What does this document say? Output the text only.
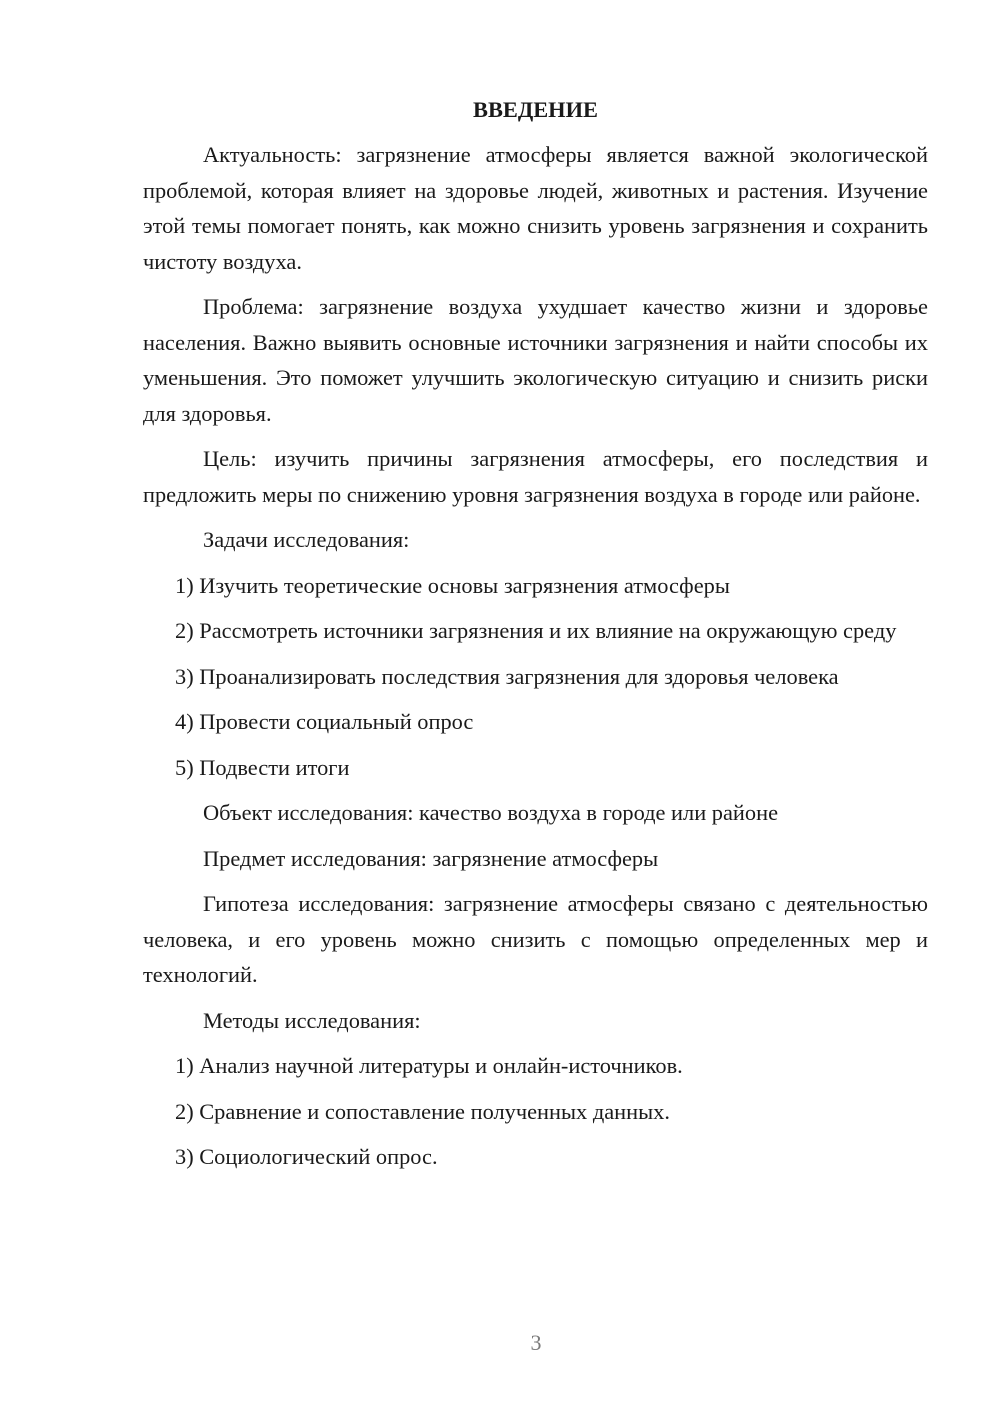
ВВЕДЕНИЕ

Актуальность: загрязнение атмосферы является важной экологической проблемой, которая влияет на здоровье людей, животных и растения. Изучение этой темы помогает понять, как можно снизить уровень загрязнения и сохранить чистоту воздуха.

Проблема: загрязнение воздуха ухудшает качество жизни и здоровье населения. Важно выявить основные источники загрязнения и найти способы их уменьшения. Это поможет улучшить экологическую ситуацию и снизить риски для здоровья.

Цель: изучить причины загрязнения атмосферы, его последствия и предложить меры по снижению уровня загрязнения воздуха в городе или районе.

Задачи исследования:

1) Изучить теоретические основы загрязнения атмосферы

2) Рассмотреть источники загрязнения и их влияние на окружающую среду

3) Проанализировать последствия загрязнения для здоровья человека

4) Провести социальный опрос

5) Подвести итоги

Объект исследования: качество воздуха в городе или районе
Предмет исследования: загрязнение атмосферы

Гипотеза исследования: загрязнение атмосферы связано с деятельностью человека, и его уровень можно снизить с помощью определенных мер и технологий.

Методы исследования:

1) Анализ научной литературы и онлайн-источников.

2) Сравнение и сопоставление полученных данных.

3) Социологический опрос.

3
